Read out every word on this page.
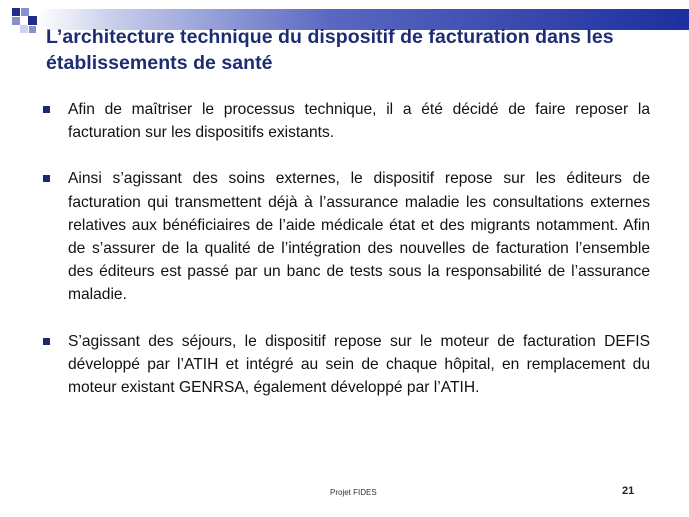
L’architecture technique du dispositif de facturation dans les établissements de santé
Afin de maîtriser le processus technique, il a été décidé de faire reposer la facturation sur les dispositifs existants.
Ainsi s’agissant des soins externes, le dispositif repose sur les éditeurs de facturation qui transmettent déjà à l’assurance maladie les consultations externes relatives aux bénéficiaires de l’aide médicale état et des migrants notamment. Afin de s’assurer de la qualité de l’intégration des nouvelles de facturation l’ensemble des éditeurs est passé par un banc de tests sous la responsabilité de l’assurance maladie.
S’agissant des séjours, le dispositif repose sur le moteur de facturation DEFIS développé par l’ATIH et intégré au sein de chaque hôpital, en remplacement du moteur existant GENRSA, également développé par l’ATIH.
Projet FIDES	21
